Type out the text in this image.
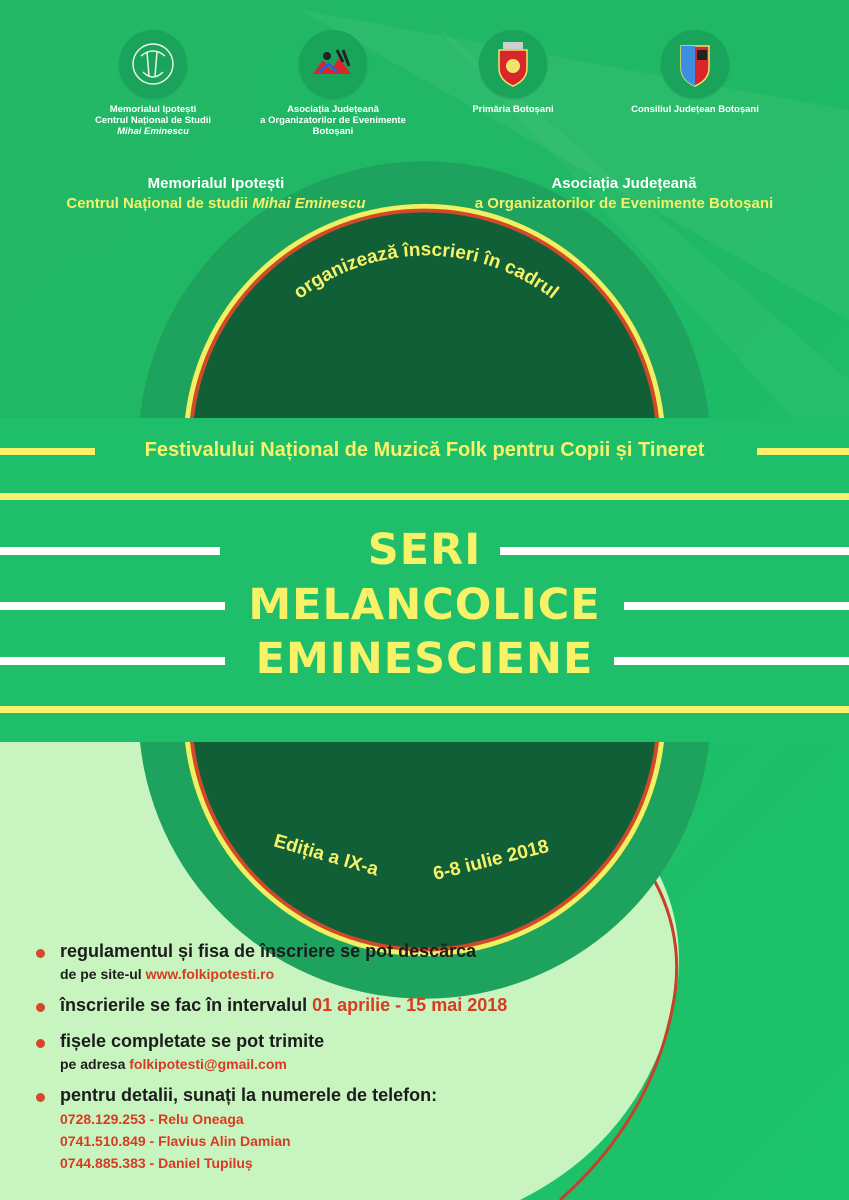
organizează înscrieri în cadrul
Memorialul Ipotești
Centrul Național de Studii
Mihai Eminescu
Asociația Județeană
a Organizatorilor de Evenimente
Botoșani
Primăria Botoșani	Consiliul Județean Botoșani
Memorialul Ipotești
Centrul Național de studii Mihai Eminescu
Asociația Județeană
a Organizatorilor de Evenimente Botoșani
Festivalului Național de Muzică Folk pentru Copii și Tineret
SERI
MELANCOLICE
EMINESCIENE
Ediția a IX-a	6-8 iulie 2018
regulamentul și fisa de înscriere se pot descărca
de pe site-ul www.folkipotesti.ro
înscrierile se fac în intervalul 01 aprilie - 15 mai 2018
fișele completate se pot trimite
pe adresa folkipotesti@gmail.com
pentru detalii, sunați la numerele de telefon:
0728.129.253 - Relu Oneaga
0741.510.849 - Flavius Alin Damian
0744.885.383 - Daniel Tupiluș
